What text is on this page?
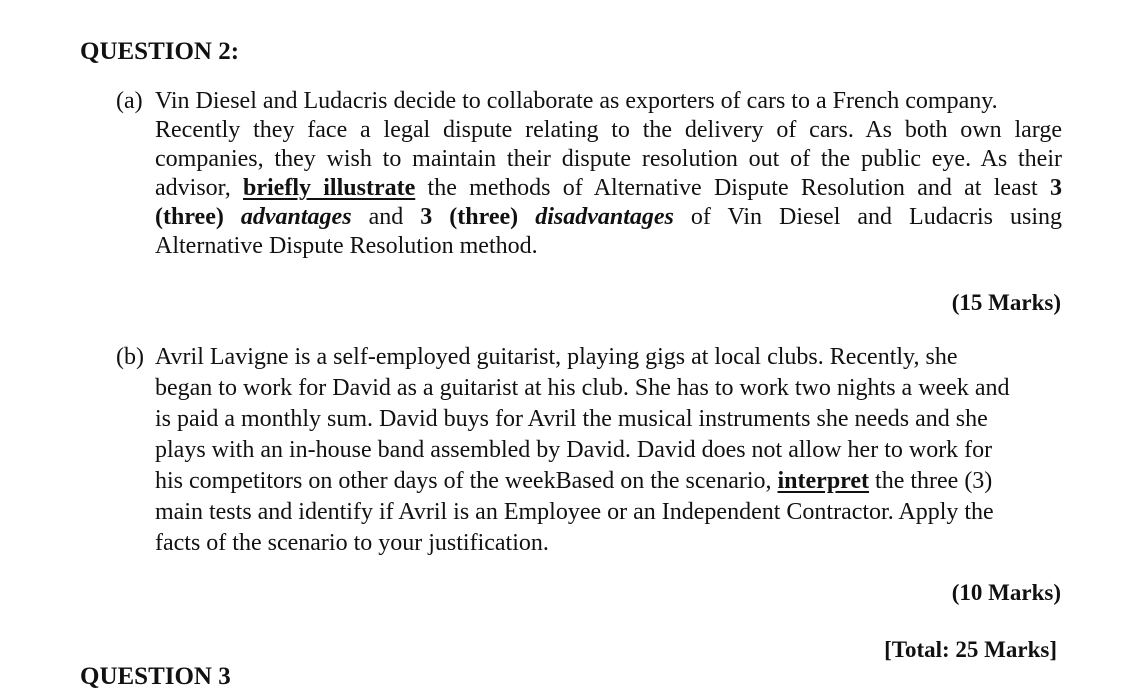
QUESTION 2:
(a) Vin Diesel and Ludacris decide to collaborate as exporters of cars to a French company.
Recently they face a legal dispute relating to the delivery of cars. As both own large
companies, they wish to maintain their dispute resolution out of the public eye. As their
advisor, briefly illustrate the methods of Alternative Dispute Resolution and at least 3
(three) advantages and 3 (three) disadvantages of Vin Diesel and Ludacris using
Alternative Dispute Resolution method.
(15 Marks)
(b) Avril Lavigne is a self-employed guitarist, playing gigs at local clubs. Recently, she
began to work for David as a guitarist at his club. She has to work two nights a week and
is paid a monthly sum. David buys for Avril the musical instruments she needs and she
plays with an in-house band assembled by David. David does not allow her to work for
his competitors on other days of the weekBased on the scenario, interpret the three (3)
main tests and identify if Avril is an Employee or an Independent Contractor. Apply the
facts of the scenario to your justification.
(10 Marks)
[Total: 25 Marks]
QUESTION 3
